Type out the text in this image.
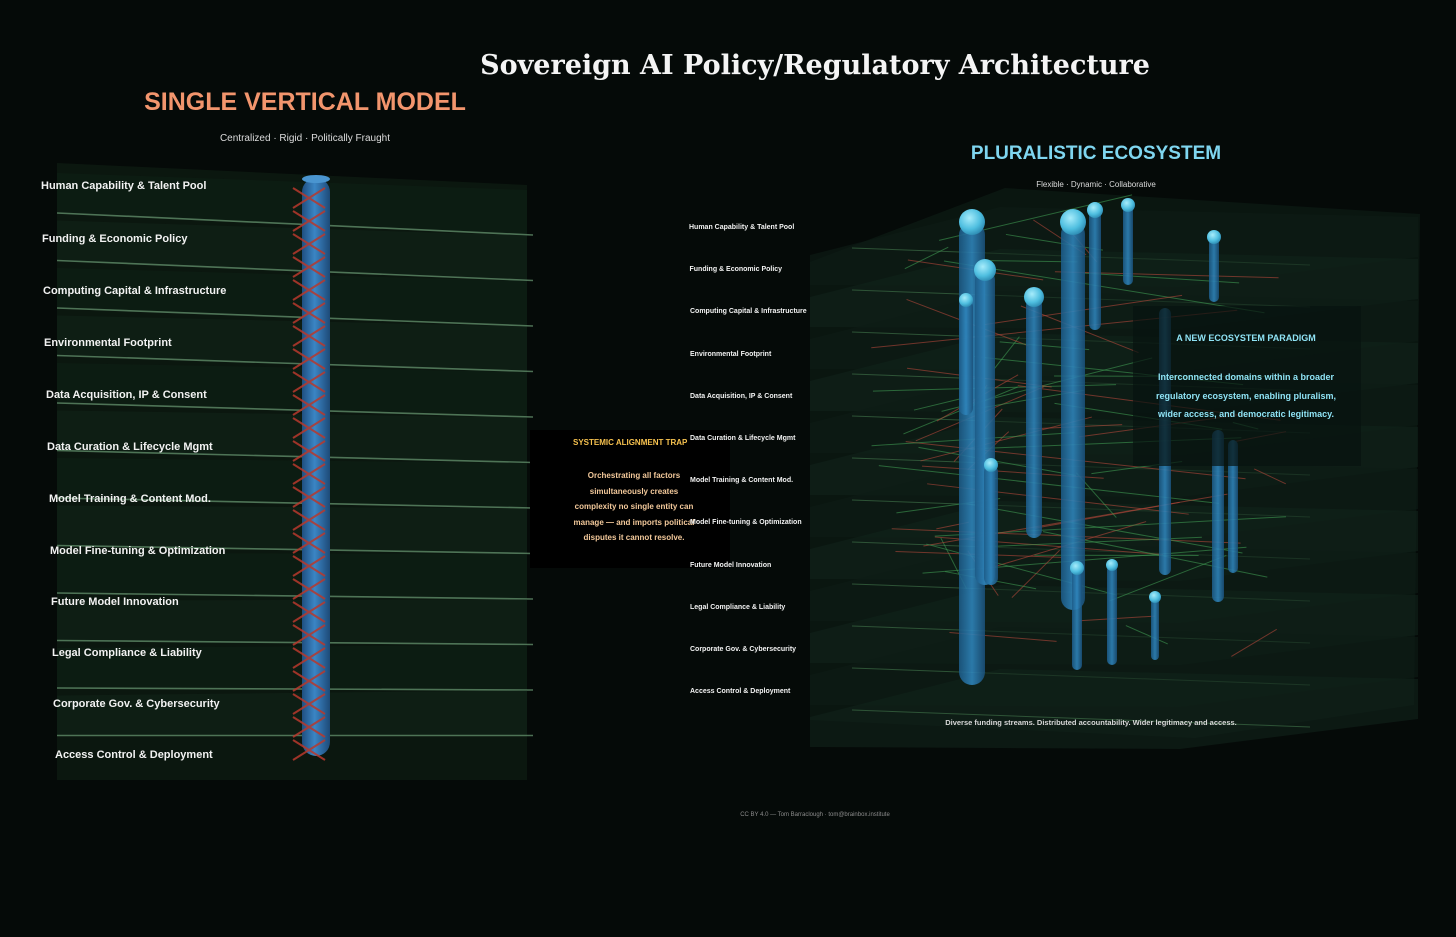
Sovereign AI Policy/Regulatory Architecture
SINGLE VERTICAL MODEL
Centralized · Rigid · Politically Fraught
Human Capability & Talent Pool
Funding & Economic Policy
Computing Capital & Infrastructure
Environmental Footprint
Data Acquisition, IP & Consent
Data Curation & Lifecycle Mgmt
Model Training & Content Mod.
Model Fine-tuning & Optimization
Future Model Innovation
Legal Compliance & Liability
Corporate Gov. & Cybersecurity
Access Control & Deployment
SYSTEMIC ALIGNMENT TRAP
Orchestrating all factors simultaneously creates complexity no single entity can manage — and imports political disputes it cannot resolve.
PLURALISTIC ECOSYSTEM
Flexible · Dynamic · Collaborative
Human Capability & Talent Pool
Funding & Economic Policy
Computing Capital & Infrastructure
Environmental Footprint
Data Acquisition, IP & Consent
Data Curation & Lifecycle Mgmt
Model Training & Content Mod.
Model Fine-tuning & Optimization
Future Model Innovation
Legal Compliance & Liability
Corporate Gov. & Cybersecurity
Access Control & Deployment
A NEW ECOSYSTEM PARADIGM
Interconnected domains within a broader regulatory ecosystem, enabling pluralism, wider access, and democratic legitimacy.
Diverse funding streams. Distributed accountability. Wider legitimacy and access.
CC BY 4.0 — Tom Barraclough · tom@brainbox.institute
